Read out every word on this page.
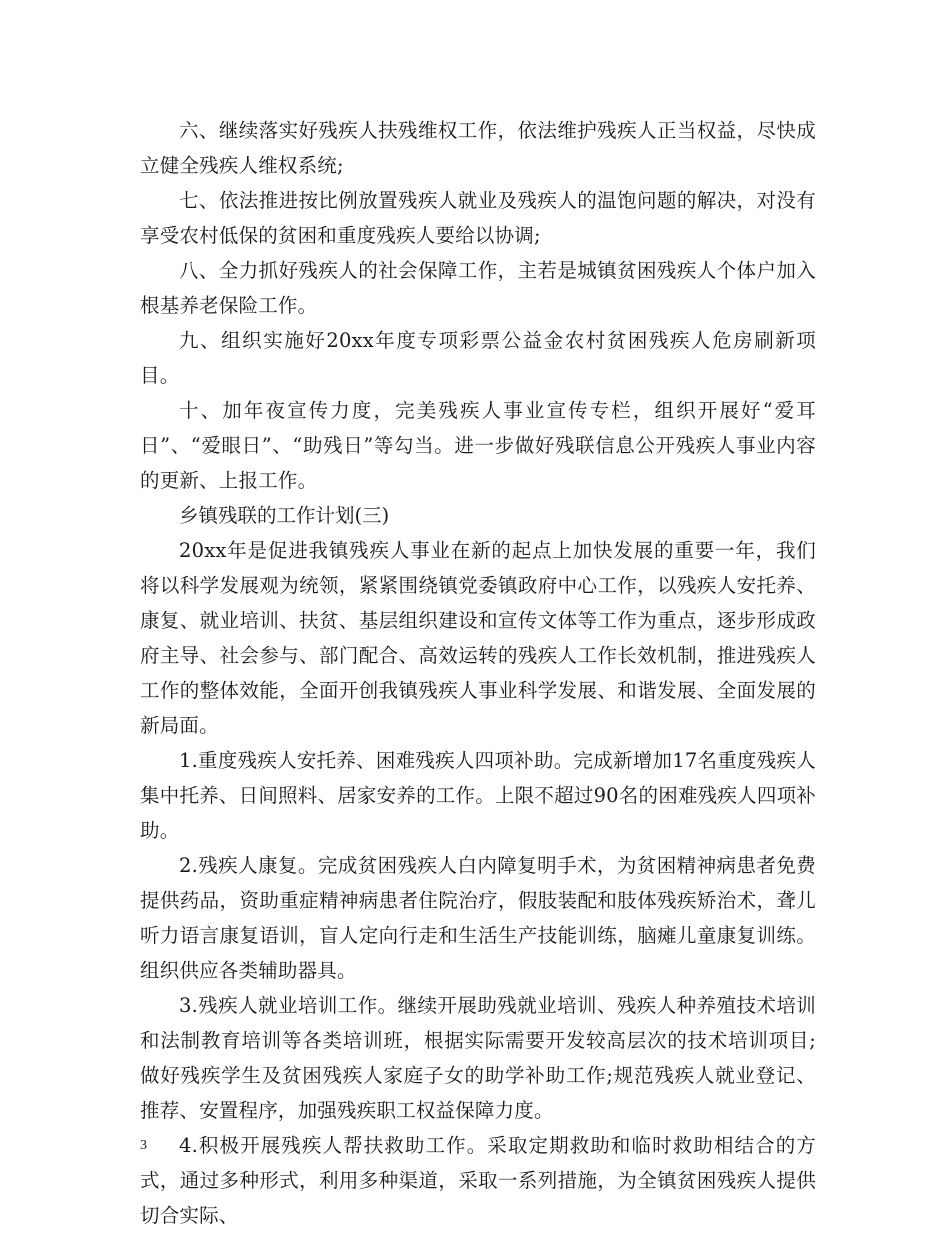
六、继续落实好残疾人扶残维权工作，依法维护残疾人正当权益，尽快成立健全残疾人维权系统;

七、依法推进按比例放置残疾人就业及残疾人的温饱问题的解决，对没有享受农村低保的贫困和重度残疾人要给以协调;

八、全力抓好残疾人的社会保障工作，主若是城镇贫困残疾人个体户加入根基养老保险工作。

九、组织实施好20xx年度专项彩票公益金农村贫困残疾人危房刷新项目。

十、加年夜宣传力度，完美残疾人事业宣传专栏，组织开展好“爱耳日”、“爱眼日”、“助残日”等勾当。进一步做好残联信息公开残疾人事业内容的更新、上报工作。

乡镇残联的工作计划(三)

20xx年是促进我镇残疾人事业在新的起点上加快发展的重要一年，我们将以科学发展观为统领，紧紧围绕镇党委镇政府中心工作，以残疾人安托养、康复、就业培训、扶贫、基层组织建设和宣传文体等工作为重点，逐步形成政府主导、社会参与、部门配合、高效运转的残疾人工作长效机制，推进残疾人工作的整体效能，全面开创我镇残疾人事业科学发展、和谐发展、全面发展的新局面。

1.重度残疾人安托养、困难残疾人四项补助。完成新增加17名重度残疾人集中托养、日间照料、居家安养的工作。上限不超过90名的困难残疾人四项补助。

2.残疾人康复。完成贫困残疾人白内障复明手术，为贫困精神病患者免费提供药品，资助重症精神病患者住院治疗，假肢装配和肢体残疾矫治术，聋儿听力语言康复语训，盲人定向行走和生活生产技能训练，脑瘫儿童康复训练。组织供应各类辅助器具。

3.残疾人就业培训工作。继续开展助残就业培训、残疾人种养殖技术培训和法制教育培训等各类培训班，根据实际需要开发较高层次的技术培训项目;做好残疾学生及贫困残疾人家庭子女的助学补助工作;规范残疾人就业登记、推荐、安置程序，加强残疾职工权益保障力度。

4.积极开展残疾人帮扶救助工作。采取定期救助和临时救助相结合的方式，通过多种形式，利用多种渠道，采取一系列措施，为全镇贫困残疾人提供切合实际、

3
